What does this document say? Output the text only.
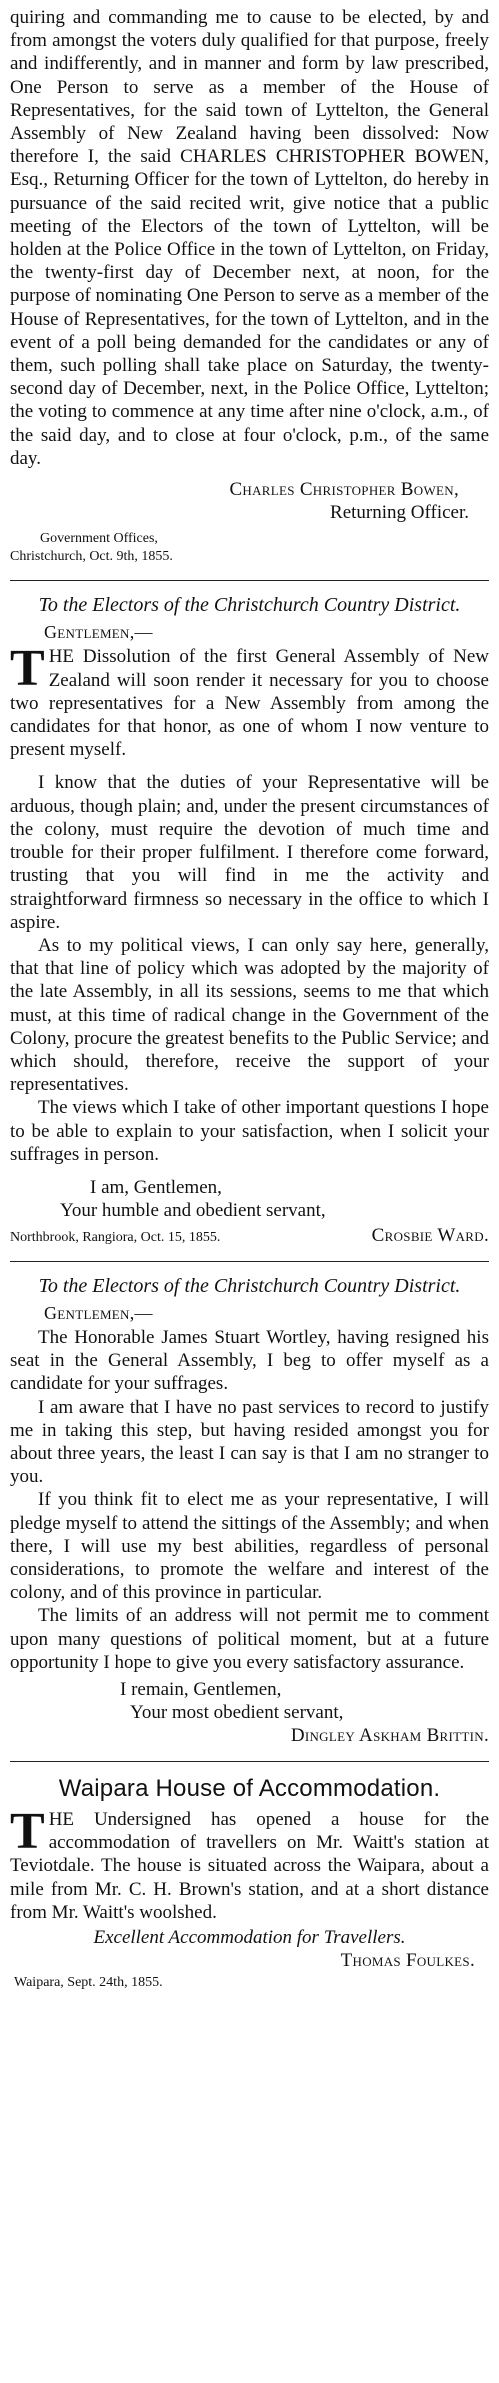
quiring and commanding me to cause to be elected, by and from amongst the voters duly qualified for that purpose, freely and indifferently, and in manner and form by law prescribed, One Person to serve as a member of the House of Representatives, for the said town of Lyttelton, the General Assembly of New Zealand having been dissolved: Now therefore I, the said CHARLES CHRISTOPHER BOWEN, Esq., Returning Officer for the town of Lyttelton, do hereby in pursuance of the said recited writ, give notice that a public meeting of the Electors of the town of Lyttelton, will be holden at the Police Office in the town of Lyttelton, on Friday, the twenty-first day of December next, at noon, for the purpose of nominating One Person to serve as a member of the House of Representatives, for the town of Lyttelton, and in the event of a poll being demanded for the candidates or any of them, such polling shall take place on Saturday, the twenty-second day of December, next, in the Police Office, Lyttelton; the voting to commence at any time after nine o'clock, a.m., of the said day, and to close at four o'clock, p.m., of the same day.

Charles Christopher Bowen,

Returning Officer.

Government Offices,

Christchurch, Oct. 9th, 1855.

To the Electors of the Christchurch Country District.

Gentlemen,—

THE Dissolution of the first General Assembly of New Zealand will soon render it necessary for you to choose two representatives for a New Assembly from among the candidates for that honor, as one of whom I now venture to present myself.

I know that the duties of your Representative will be arduous, though plain; and, under the present circumstances of the colony, must require the devotion of much time and trouble for their proper fulfilment. I therefore come forward, trusting that you will find in me the activity and straightforward firmness so necessary in the office to which I aspire.

As to my political views, I can only say here, generally, that that line of policy which was adopted by the majority of the late Assembly, in all its sessions, seems to me that which must, at this time of radical change in the Government of the Colony, procure the greatest benefits to the Public Service; and which should, therefore, receive the support of your representatives.

The views which I take of other important questions I hope to be able to explain to your satisfaction, when I solicit your suffrages in person.

I am, Gentlemen,

Your humble and obedient servant,

Northbrook, Rangiora, Oct. 15, 1855.	Crosbie Ward.

To the Electors of the Christchurch Country District.

Gentlemen,—

The Honorable James Stuart Wortley, having resigned his seat in the General Assembly, I beg to offer myself as a candidate for your suffrages.

I am aware that I have no past services to record to justify me in taking this step, but having resided amongst you for about three years, the least I can say is that I am no stranger to you.

If you think fit to elect me as your representative, I will pledge myself to attend the sittings of the Assembly; and when there, I will use my best abilities, regardless of personal considerations, to promote the welfare and interest of the colony, and of this province in particular.

The limits of an address will not permit me to comment upon many questions of political moment, but at a future opportunity I hope to give you every satisfactory assurance.

I remain, Gentlemen,

Your most obedient servant,

Dingley Askham Brittin.

Waipara House of Accommodation.

THE Undersigned has opened a house for the accommodation of travellers on Mr. Waitt's station at Teviotdale. The house is situated across the Waipara, about a mile from Mr. C. H. Brown's station, and at a short distance from Mr. Waitt's woolshed.

Excellent Accommodation for Travellers.

Thomas Foulkes.

Waipara, Sept. 24th, 1855.
